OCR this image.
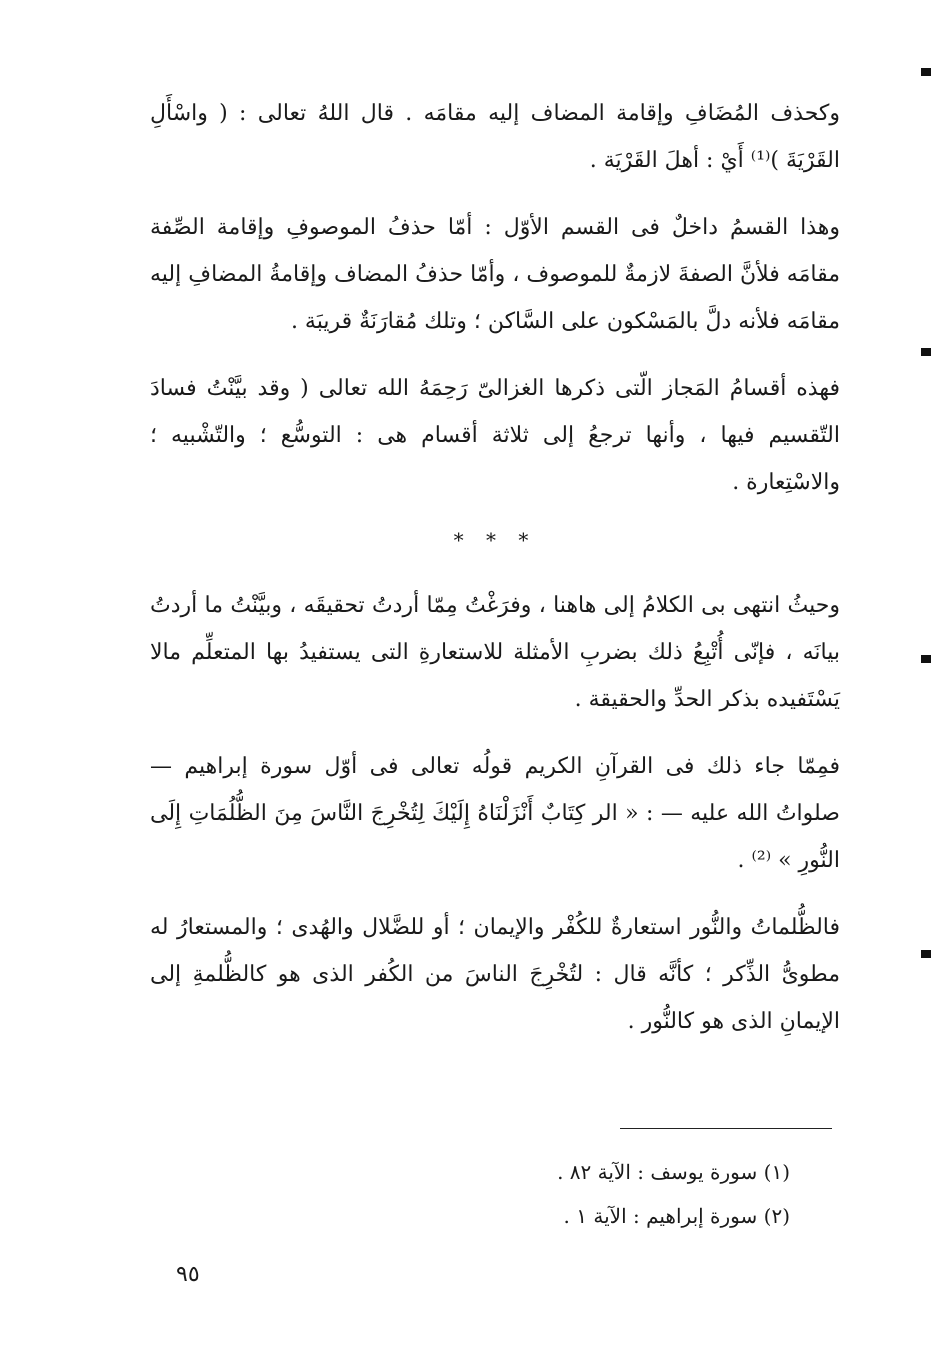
وكحذف المُضَافِ وإقامة المضاف إليه مقامَه . قال اللهُ تعالى : ( واسْأَلِ القَرْيَةَ )⁽¹⁾ أَيْ : أهلَ القَرْيَة .

وهذا القسمُ داخلٌ فى القسم الأوّل : أمّا حذفُ الموصوفِ وإقامة الصِّفة مقامَه فلأنَّ الصفةَ لازمةٌ للموصوف ، وأمّا حذفُ المضاف وإقامةُ المضافِ إليه مقامَه فلأنه دلَّ بالمَسْكون على السَّاكن ؛ وتلك مُقارَنَةٌ قريبَة .

فهذه أقسامُ المَجاز الّتى ذكرها الغزالىّ رَحِمَهُ الله تعالى ( وقد بيَّنْتُ فسادَ التّقسيم فيها ، وأنها ترجعُ إلى ثلاثة أقسام هى : التوسُّع ؛ والتّشْبيه ؛ والاسْتِعارة .

* * *

وحيثُ انتهى بى الكلامُ إلى هاهنا ، وفرَغْتُ مِمّا أردتُ تحقيقَه ، وبيَّنْتُ ما أردتُ بيانَه ، فإنّى أُتْبِعُ ذلك بضربِ الأمثلة للاستعارةِ التى يستفيدُ بها المتعلِّم مالا يَسْتَفيده بذكر الحدِّ والحقيقة .

فمِمّا جاء ذلك فى القرآنِ الكريم قولُه تعالى فى أوّل سورة إبراهيم — صلواتُ الله عليه — : « الر كِتَابٌ أَنْزَلْنَاهُ إِلَيْكَ لِتُخْرِجَ النَّاسَ مِنَ الظُّلُمَاتِ إِلَى النُّورِ » ⁽²⁾ .

فالظُّلماتُ والنُّور استعارةٌ للكُفْر والإيمان ؛ أو للضَّلال والهُدى ؛ والمستعارُ له مطوىُّ الذِّكر ؛ كأنَّه قال : لتُخْرِجَ الناسَ من الكُفر الذى هو كالظُّلمةِ إلى الإيمانِ الذى هو كالنُّور .

(١) سورة يوسف : الآية ٨٢ .
(٢) سورة إبراهيم : الآية ١ .
٩٥
